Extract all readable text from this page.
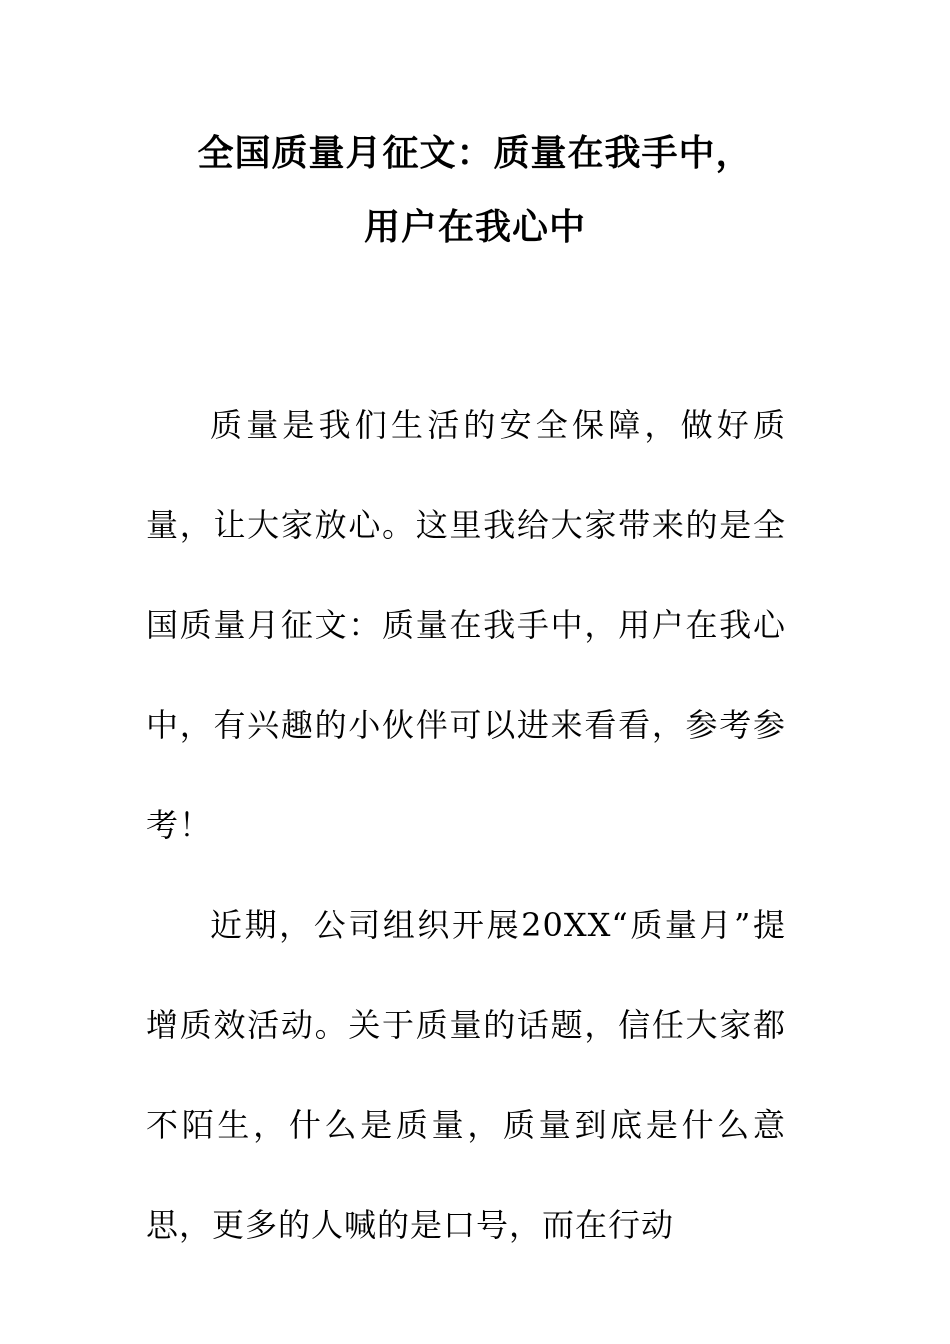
全国质量月征文：质量在我手中，
用户在我心中

质量是我们生活的安全保障，做好质量，让大家放心。这里我给大家带来的是全国质量月征文：质量在我手中，用户在我心中，有兴趣的小伙伴可以进来看看，参考参考！

近期，公司组织开展20XX“质量月”提增质效活动。关于质量的话题，信任大家都不陌生，什么是质量，质量到底是什么意思，更多的人喊的是口号，而在行动
